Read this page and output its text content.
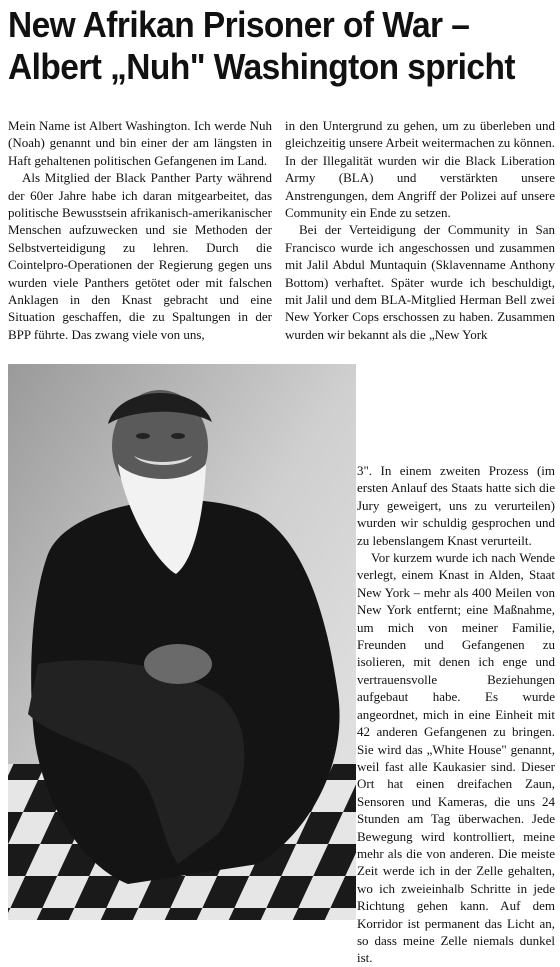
New Afrikan Prisoner of War –
Albert „Nuh" Washington spricht

Mein Name ist Albert Washington. Ich werde Nuh (Noah) genannt und bin einer der am längsten in Haft gehaltenen politischen Gefangenen im Land.

Als Mitglied der Black Panther Party während der 60er Jahre habe ich daran mitgearbeitet, das politische Bewusstsein afrikanisch-amerikanischer Menschen aufzuwecken und sie Methoden der Selbstverteidigung zu lehren. Durch die Cointelpro-Operationen der Regierung gegen uns wurden viele Panthers getötet oder mit falschen Anklagen in den Knast gebracht und eine Situation geschaffen, die zu Spaltungen in der BPP führte. Das zwang viele von uns,

in den Untergrund zu gehen, um zu überleben und gleichzeitig unsere Arbeit weitermachen zu können. In der Illegalität wurden wir die Black Liberation Army (BLA) und verstärkten unsere Anstrengungen, dem Angriff der Polizei auf unsere Community ein Ende zu setzen.

Bei der Verteidigung der Community in San Francisco wurde ich angeschossen und zusammen mit Jalil Abdul Muntaquin (Sklavenname Anthony Bottom) verhaftet. Später wurde ich beschuldigt, mit Jalil und dem BLA-Mitglied Herman Bell zwei New Yorker Cops erschossen zu haben. Zusammen wurden wir bekannt als die „New York

3". In einem zweiten Prozess (im ersten Anlauf des Staats hatte sich die Jury geweigert, uns zu verurteilen) wurden wir schuldig gesprochen und zu lebenslangem Knast verurteilt.

Vor kurzem wurde ich nach Wende verlegt, einem Knast in Alden, Staat New York – mehr als 400 Meilen von New York entfernt; eine Maßnahme, um mich von meiner Familie, Freunden und Gefangenen zu isolieren, mit denen ich enge und vertrauensvolle Beziehungen aufgebaut habe. Es wurde angeordnet, mich in eine Einheit mit 42 anderen Gefangenen zu bringen. Sie wird das „White House" genannt, weil fast alle Kaukasier sind. Dieser Ort hat einen dreifachen Zaun, Sensoren und Kameras, die uns 24 Stunden am Tag überwachen. Jede Bewegung wird kontrolliert, meine mehr als die von anderen. Die meiste Zeit werde ich in der Zelle gehalten, wo ich zweieinhalb Schritte in jede Richtung gehen kann. Auf dem Korridor ist permanent das Licht an, so dass meine Zelle niemals dunkel ist.
